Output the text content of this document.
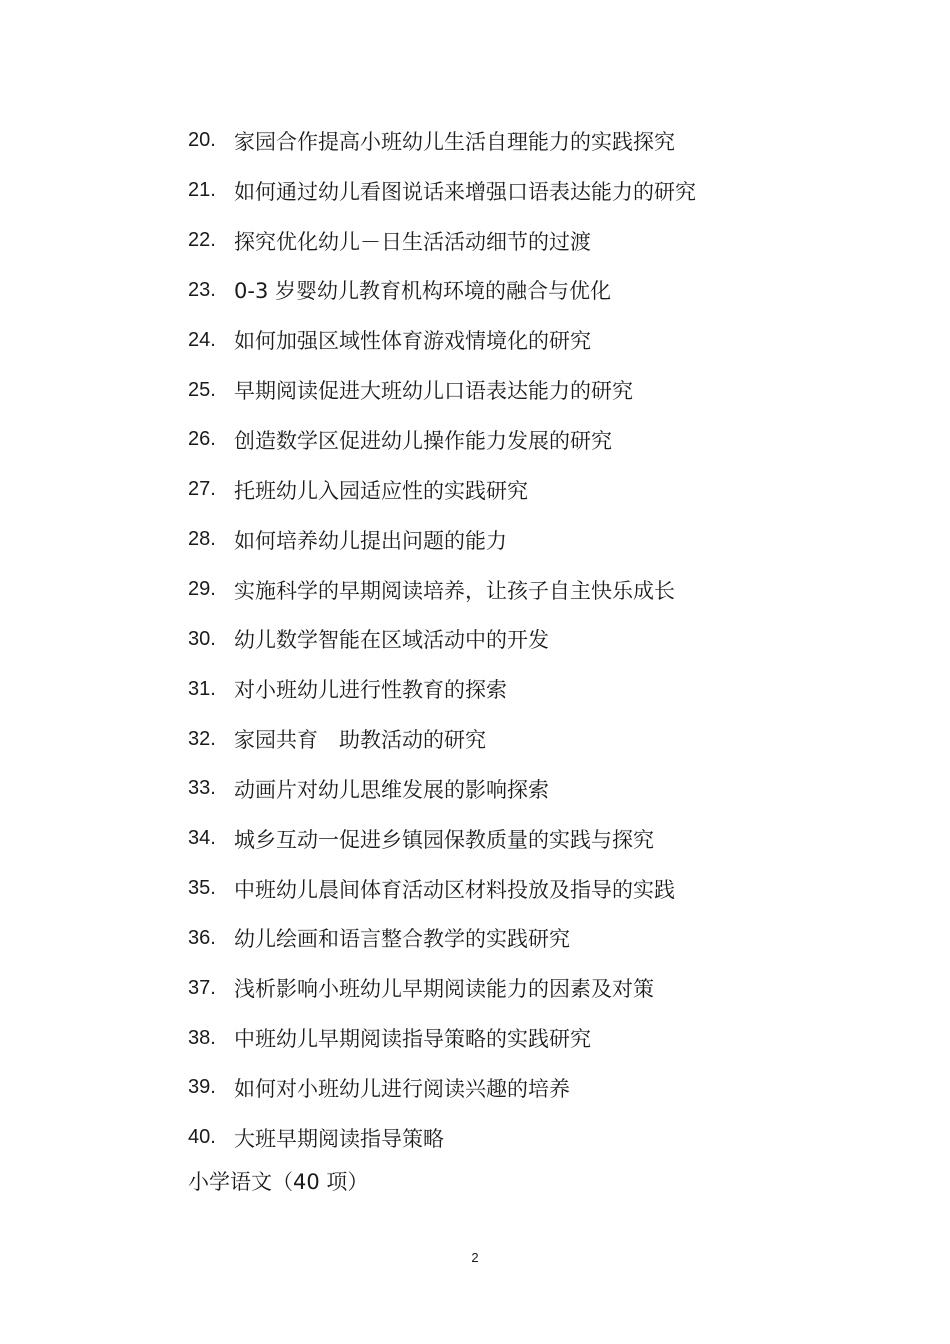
20. 家园合作提高小班幼儿生活自理能力的实践探究
21. 如何通过幼儿看图说话来增强口语表达能力的研究
22. 探究优化幼儿－日生活活动细节的过渡
23. 0-3 岁婴幼儿教育机构环境的融合与优化
24. 如何加强区域性体育游戏情境化的研究
25. 早期阅读促进大班幼儿口语表达能力的研究
26. 创造数学区促进幼儿操作能力发展的研究
27. 托班幼儿入园适应性的实践研究
28. 如何培养幼儿提出问题的能力
29. 实施科学的早期阅读培养，让孩子自主快乐成长
30. 幼儿数学智能在区域活动中的开发
31. 对小班幼儿进行性教育的探索
32. 家园共育　助教活动的研究
33. 动画片对幼儿思维发展的影响探索
34. 城乡互动一促进乡镇园保教质量的实践与探究
35. 中班幼儿晨间体育活动区材料投放及指导的实践
36. 幼儿绘画和语言整合教学的实践研究
37. 浅析影响小班幼儿早期阅读能力的因素及对策
38. 中班幼儿早期阅读指导策略的实践研究
39. 如何对小班幼儿进行阅读兴趣的培养
40. 大班早期阅读指导策略
小学语文（40 项）
2
